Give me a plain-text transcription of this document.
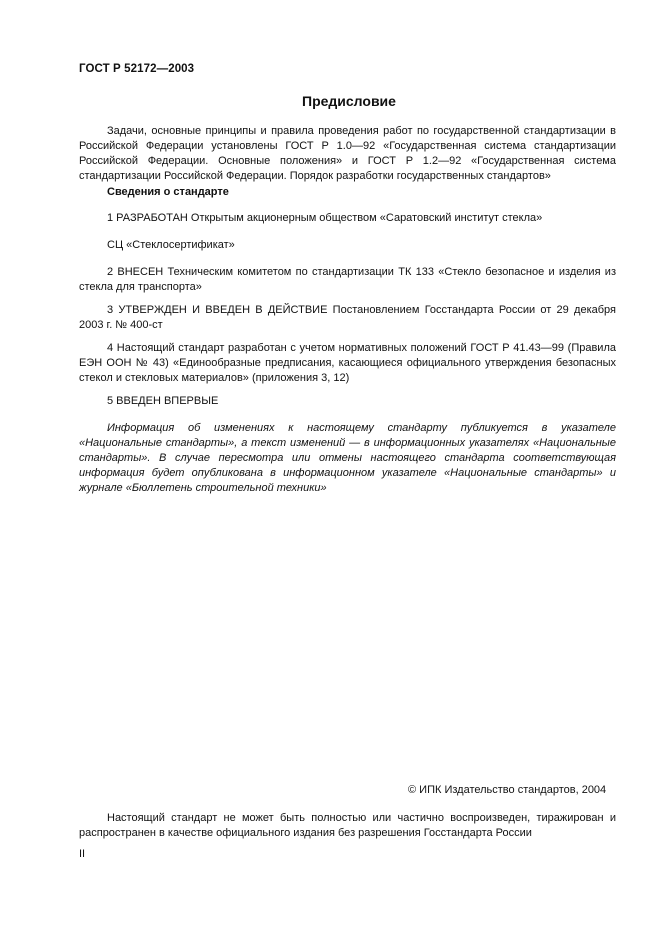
ГОСТ Р 52172—2003
Предисловие

Задачи, основные принципы и правила проведения работ по государственной стандартизации в Российской Федерации установлены ГОСТ Р 1.0—92 «Государственная система стандартизации Российской Федерации. Основные положения» и ГОСТ Р 1.2—92 «Государственная система стандартизации Российской Федерации. Порядок разработки государственных стандартов»

Сведения о стандарте

1 РАЗРАБОТАН Открытым акционерным обществом «Саратовский институт стекла»

СЦ «Стеклосертификат»

2 ВНЕСЕН Техническим комитетом по стандартизации ТК 133 «Стекло безопасное и изделия из стекла для транспорта»

3 УТВЕРЖДЕН И ВВЕДЕН В ДЕЙСТВИЕ Постановлением Госстандарта России от 29 декабря 2003 г. № 400-ст

4 Настоящий стандарт разработан с учетом нормативных положений ГОСТ Р 41.43—99 (Правила ЕЭН ООН № 43) «Единообразные предписания, касающиеся официального утверждения безопасных стекол и стекловых материалов» (приложения 3, 12)

5 ВВЕДЕН ВПЕРВЫЕ

Информация об изменениях к настоящему стандарту публикуется в указателе «Национальные стандарты», а текст изменений — в информационных указателях «Национальные стандарты». В случае пересмотра или отмены настоящего стандарта соответствующая информация будет опубликована в информационном указателе «Национальные стандарты» и журнале «Бюллетень строительной техники»

© ИПК Издательство стандартов, 2004

Настоящий стандарт не может быть полностью или частично воспроизведен, тиражирован и распространен в качестве официального издания без разрешения Госстандарта России

II
